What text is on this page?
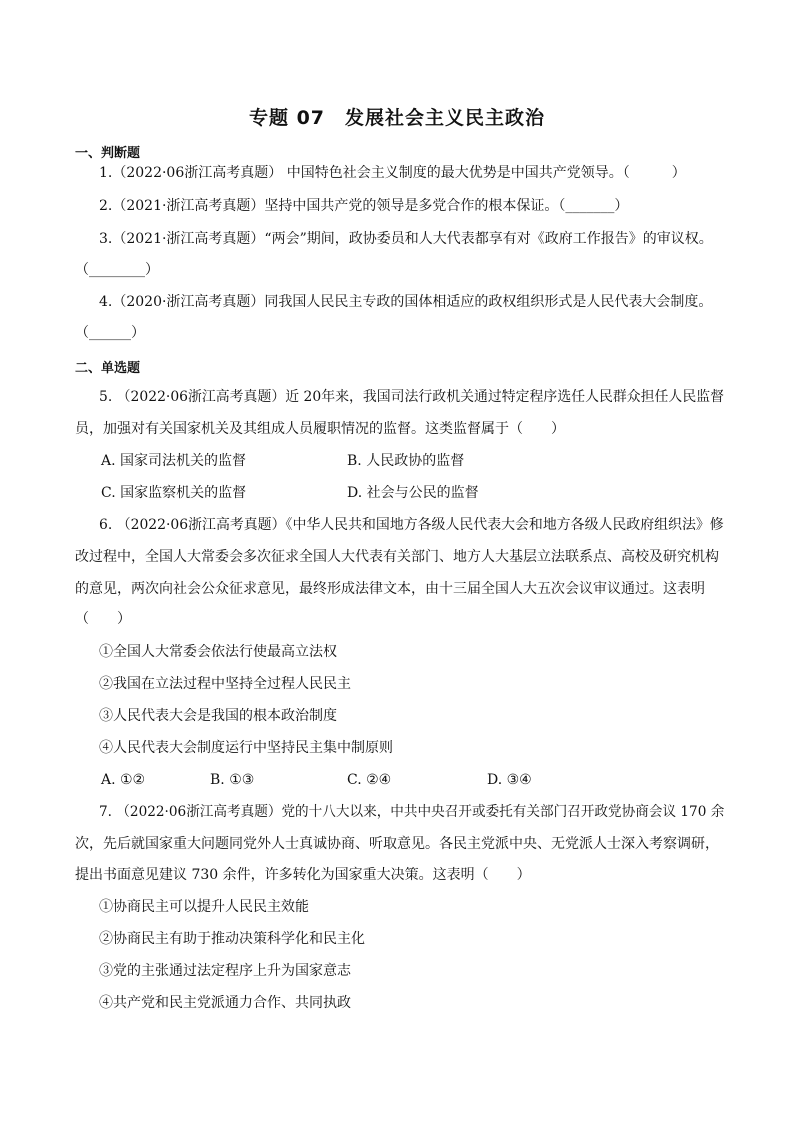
专题 07　发展社会主义民主政治
一、判断题
1.（2022·06浙江高考真题） 中国特色社会主义制度的最大优势是中国共产党领导。（　　　）
2.（2021·浙江高考真题）坚持中国共产党的领导是多党合作的根本保证。（_______）
3.（2021·浙江高考真题）“两会”期间，政协委员和人大代表都享有对《政府工作报告》的审议权。
（________）
4.（2020·浙江高考真题）同我国人民民主专政的国体相适应的政权组织形式是人民代表大会制度。
（______）
二、单选题
5. （2022·06浙江高考真题）近 20年来，我国司法行政机关通过特定程序选任人民群众担任人民监督
员，加强对有关国家机关及其组成人员履职情况的监督。这类监督属于（　　）
A. 国家司法机关的监督	B. 人民政协的监督
C. 国家监察机关的监督	D. 社会与公民的监督
6. （2022·06浙江高考真题）《中华人民共和国地方各级人民代表大会和地方各级人民政府组织法》修
改过程中，全国人大常委会多次征求全国人大代表有关部门、地方人大基层立法联系点、高校及研究机构
的意见，两次向社会公众征求意见，最终形成法律文本，由十三届全国人大五次会议审议通过。这表明
（　　）
①全国人大常委会依法行使最高立法权
②我国在立法过程中坚持全过程人民民主
③人民代表大会是我国的根本政治制度
④人民代表大会制度运行中坚持民主集中制原则
A. ①②	B. ①③	C. ②④	D. ③④
7. （2022·06浙江高考真题）党的十八大以来，中共中央召开或委托有关部门召开政党协商会议 170 余
次，先后就国家重大问题同党外人士真诚协商、听取意见。各民主党派中央、无党派人士深入考察调研，
提出书面意见建议 730 余件，许多转化为国家重大决策。这表明（　　）
①协商民主可以提升人民民主效能
②协商民主有助于推动决策科学化和民主化
③党的主张通过法定程序上升为国家意志
④共产党和民主党派通力合作、共同执政
